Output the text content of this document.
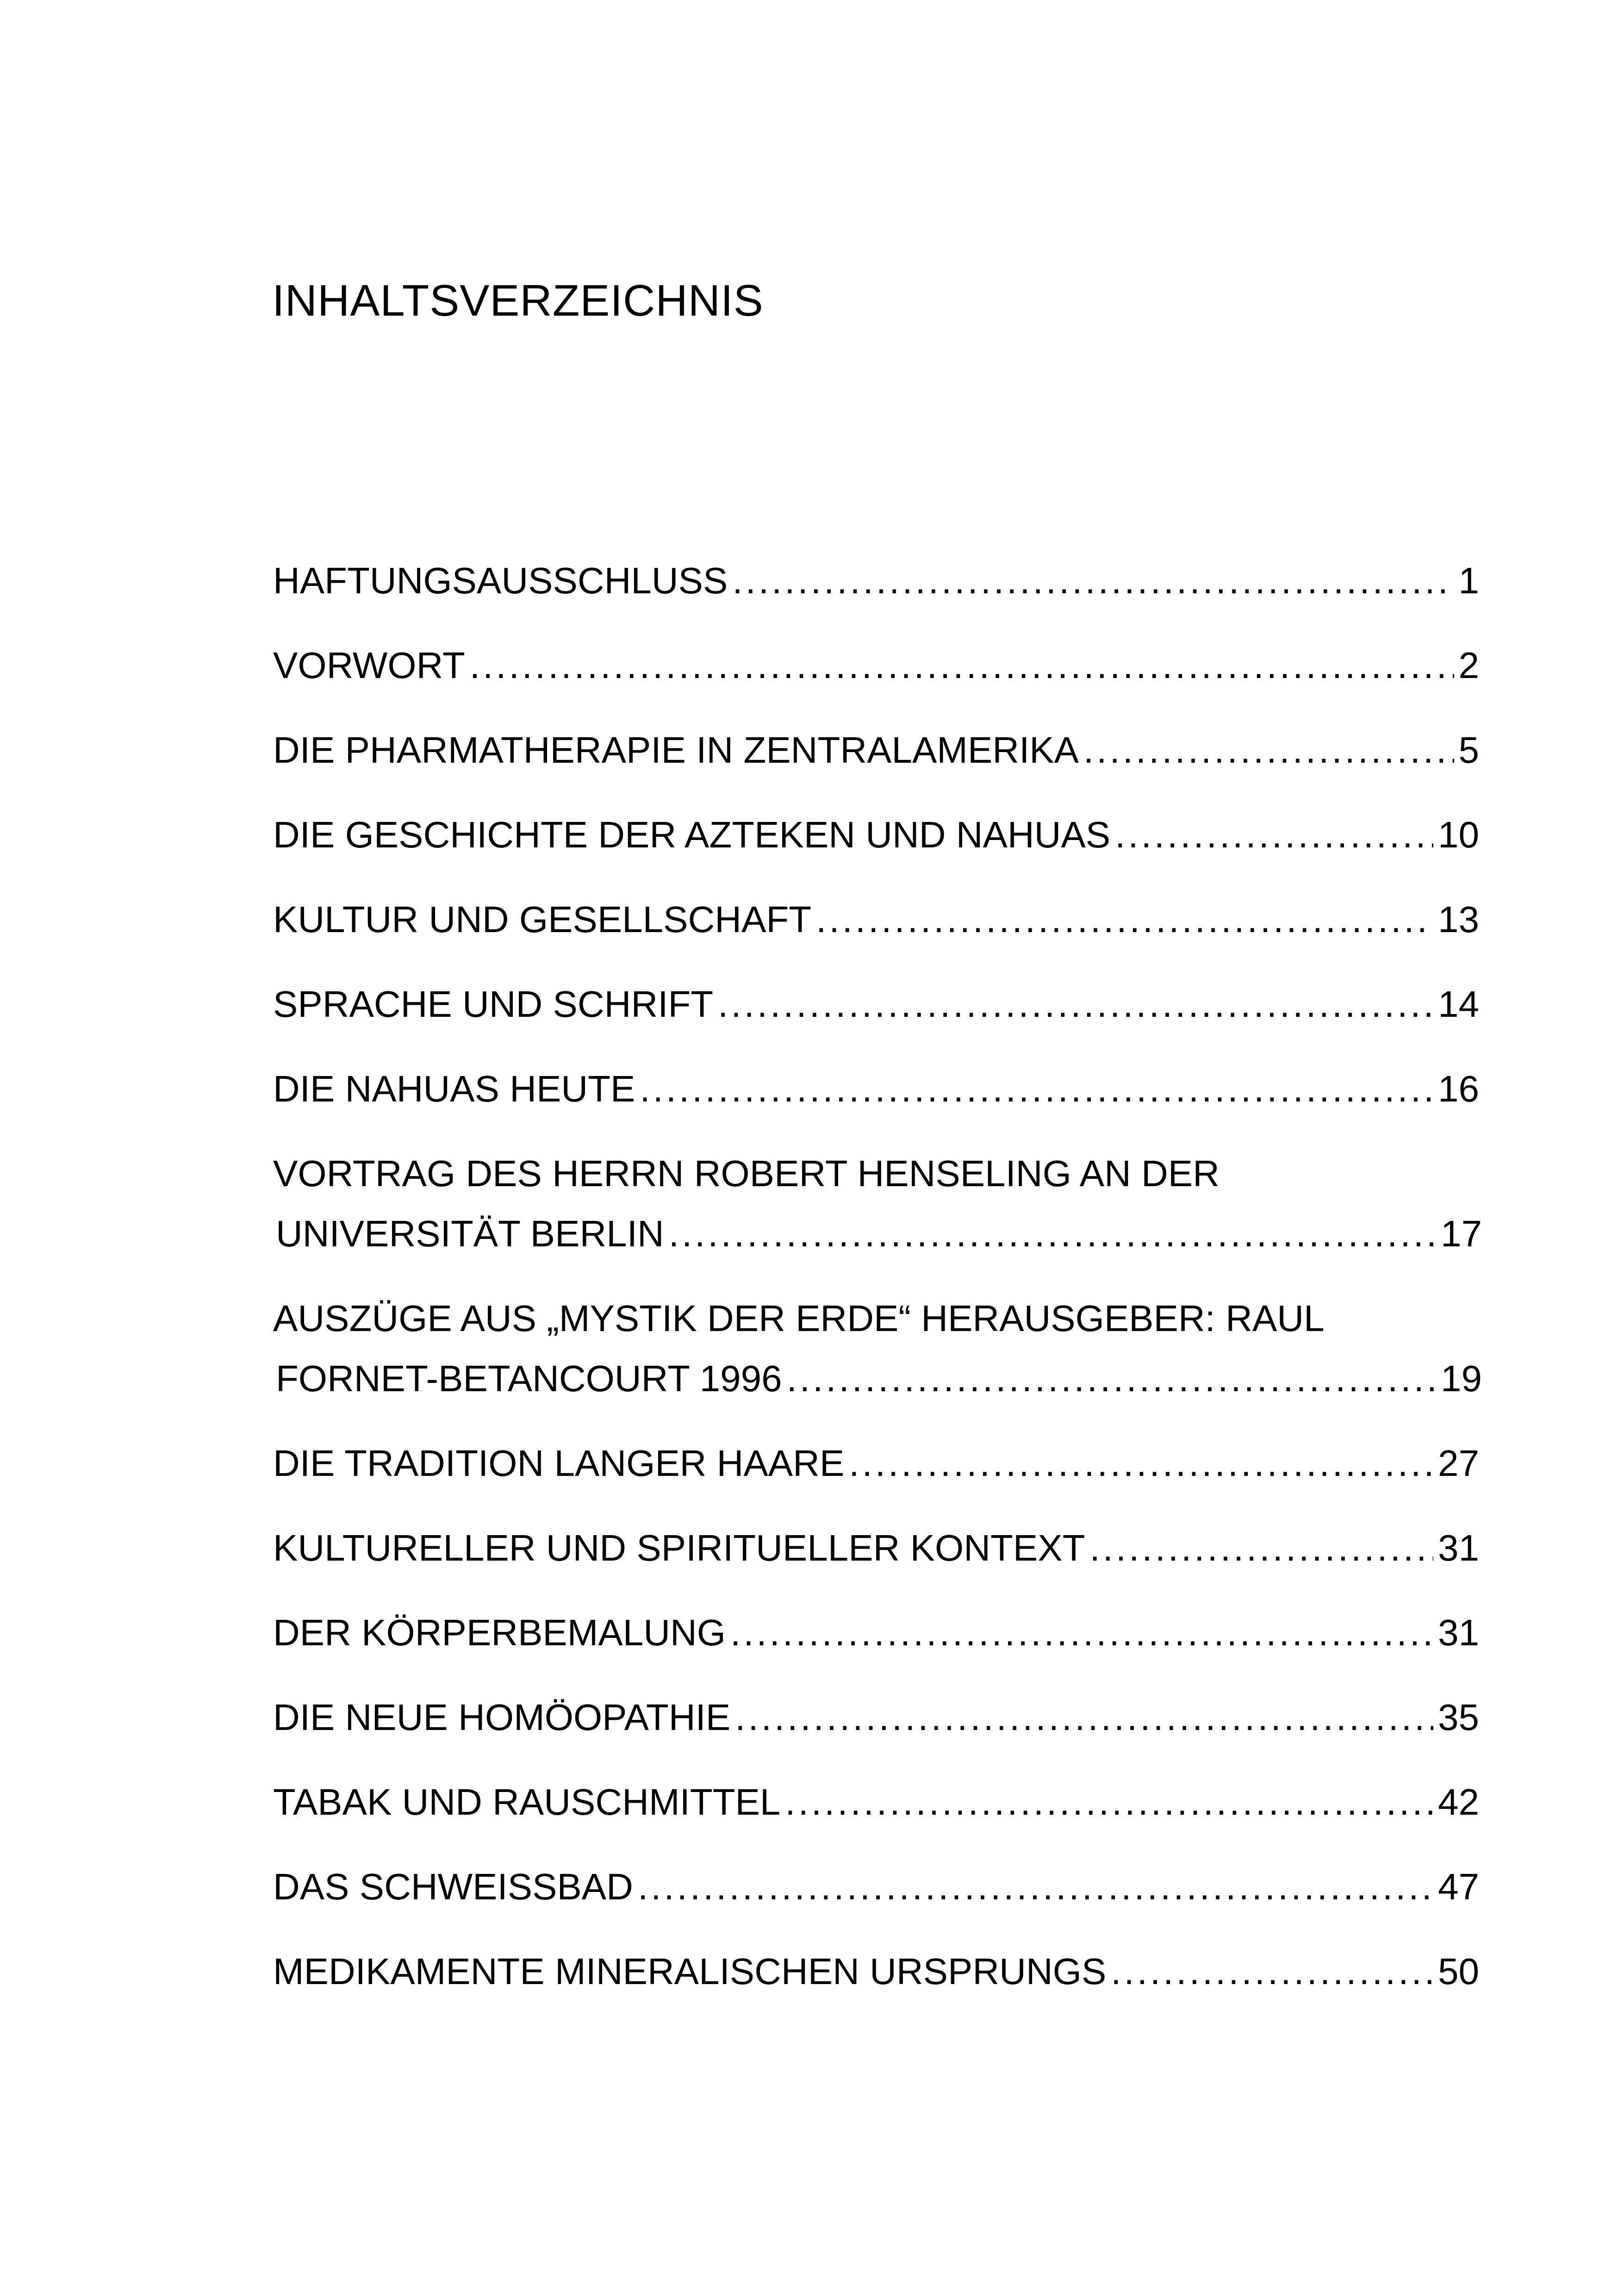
INHALTSVERZEICHNIS
HAFTUNGSAUSSCHLUSS .....	1
VORWORT .....	2
DIE PHARMATHERAPIE IN ZENTRALAMERIKA .....	5
DIE GESCHICHTE DER AZTEKEN UND NAHUAS .....	10
KULTUR UND GESELLSCHAFT .....	13
SPRACHE UND SCHRIFT .....	14
DIE NAHUAS HEUTE .....	16
VORTRAG DES HERRN ROBERT HENSELING AN DER
UNIVERSITÄT BERLIN .....	17
AUSZÜGE AUS „MYSTIK DER ERDE“ HERAUSGEBER: RAUL
FORNET-BETANCOURT 1996 .....	19
DIE TRADITION LANGER HAARE .....	27
KULTURELLER UND SPIRITUELLER KONTEXT .....	31
DER KÖRPERBEMALUNG .....	31
DIE NEUE HOMÖOPATHIE .....	35
TABAK UND RAUSCHMITTEL .....	42
DAS SCHWEISSBAD .....	47
MEDIKAMENTE MINERALISCHEN URSPRUNGS .....	50
